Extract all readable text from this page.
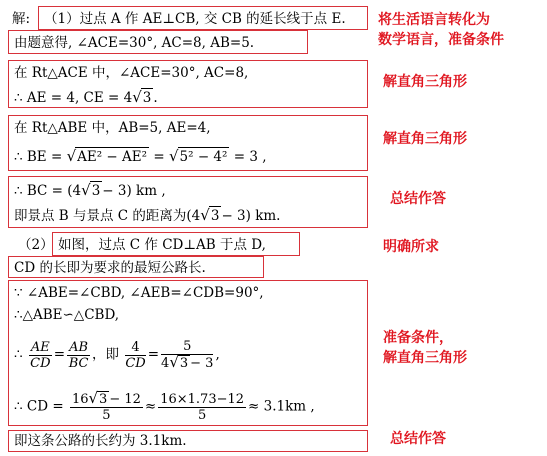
解: （1）过点 A 作 AE⊥CB, 交 CB 的延长线于点 E.
由题意得, ∠ACE=30°, AC=8, AB=5.
将生活语言转化为
数学语言，准备条件
在 Rt△ACE 中，∠ACE=30°, AC=8,
∴ AE = 4, CE = 4√3 .
解直角三角形
在 Rt△ABE 中，AB=5, AE=4,
∴ BE = √AE² − AE² = √5² − 4² = 3 ,
解直角三角形
∴ BC = (4√3 − 3) km ,
即景点 B 与景点 C 的距离为(4√3 − 3) km.
总结作答
（2） 如图，过点 C 作 CD⊥AB 于点 D,
CD 的长即为要求的最短公路长.
明确所求
∵ ∠ABE=∠CBD, ∠AEB=∠CDB=90°,
∴△ABE∽△CBD,
∴ $\frac{AE}{CD} = \frac{AB}{BC}$ ，即 $\frac{4}{CD} = \frac{5}{4√3 - 3}$ ,
∴ CD = $\frac{16√3 - 12}{5} \approx \frac{16\times 1.73-12}{5} \approx 3.1km$ ,
准备条件，
解直角三角形
即这条公路的长约为 3.1km.	总结作答
